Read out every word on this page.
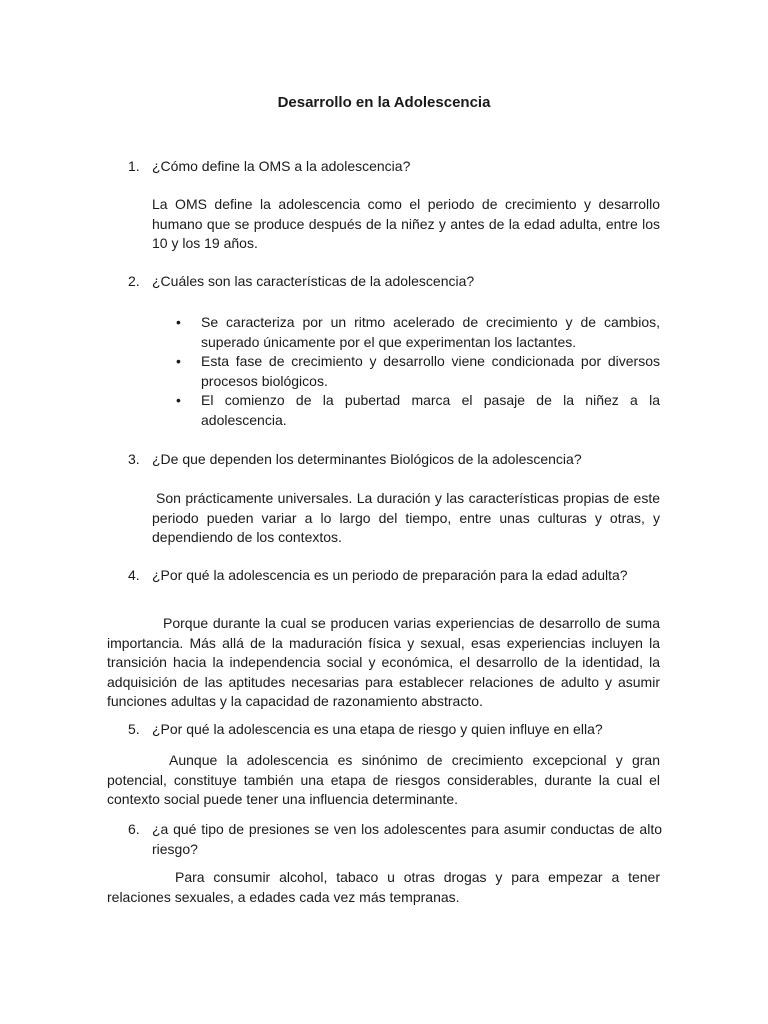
Desarrollo en la Adolescencia
1. ¿Cómo define la OMS a la adolescencia?
La OMS define la adolescencia como el periodo de crecimiento y desarrollo humano que se produce después de la niñez y antes de la edad adulta, entre los 10 y los 19 años.
2. ¿Cuáles son las características de la adolescencia?
• Se caracteriza por un ritmo acelerado de crecimiento y de cambios, superado únicamente por el que experimentan los lactantes.
• Esta fase de crecimiento y desarrollo viene condicionada por diversos procesos biológicos.
• El comienzo de la pubertad marca el pasaje de la niñez a la adolescencia.
3. ¿De que dependen los determinantes Biológicos de la adolescencia?
Son prácticamente universales. La duración y las características propias de este periodo pueden variar a lo largo del tiempo, entre unas culturas y otras, y dependiendo de los contextos.
4. ¿Por qué la adolescencia es un periodo de preparación para la edad adulta?
Porque durante la cual se producen varias experiencias de desarrollo de suma importancia. Más allá de la maduración física y sexual, esas experiencias incluyen la transición hacia la independencia social y económica, el desarrollo de la identidad, la adquisición de las aptitudes necesarias para establecer relaciones de adulto y asumir funciones adultas y la capacidad de razonamiento abstracto.
5. ¿Por qué la adolescencia es una etapa de riesgo y quien influye en ella?
Aunque la adolescencia es sinónimo de crecimiento excepcional y gran potencial, constituye también una etapa de riesgos considerables, durante la cual el contexto social puede tener una influencia determinante.
6. ¿a qué tipo de presiones se ven los adolescentes para asumir conductas de alto riesgo?
Para consumir alcohol, tabaco u otras drogas y para empezar a tener relaciones sexuales, a edades cada vez más tempranas.
